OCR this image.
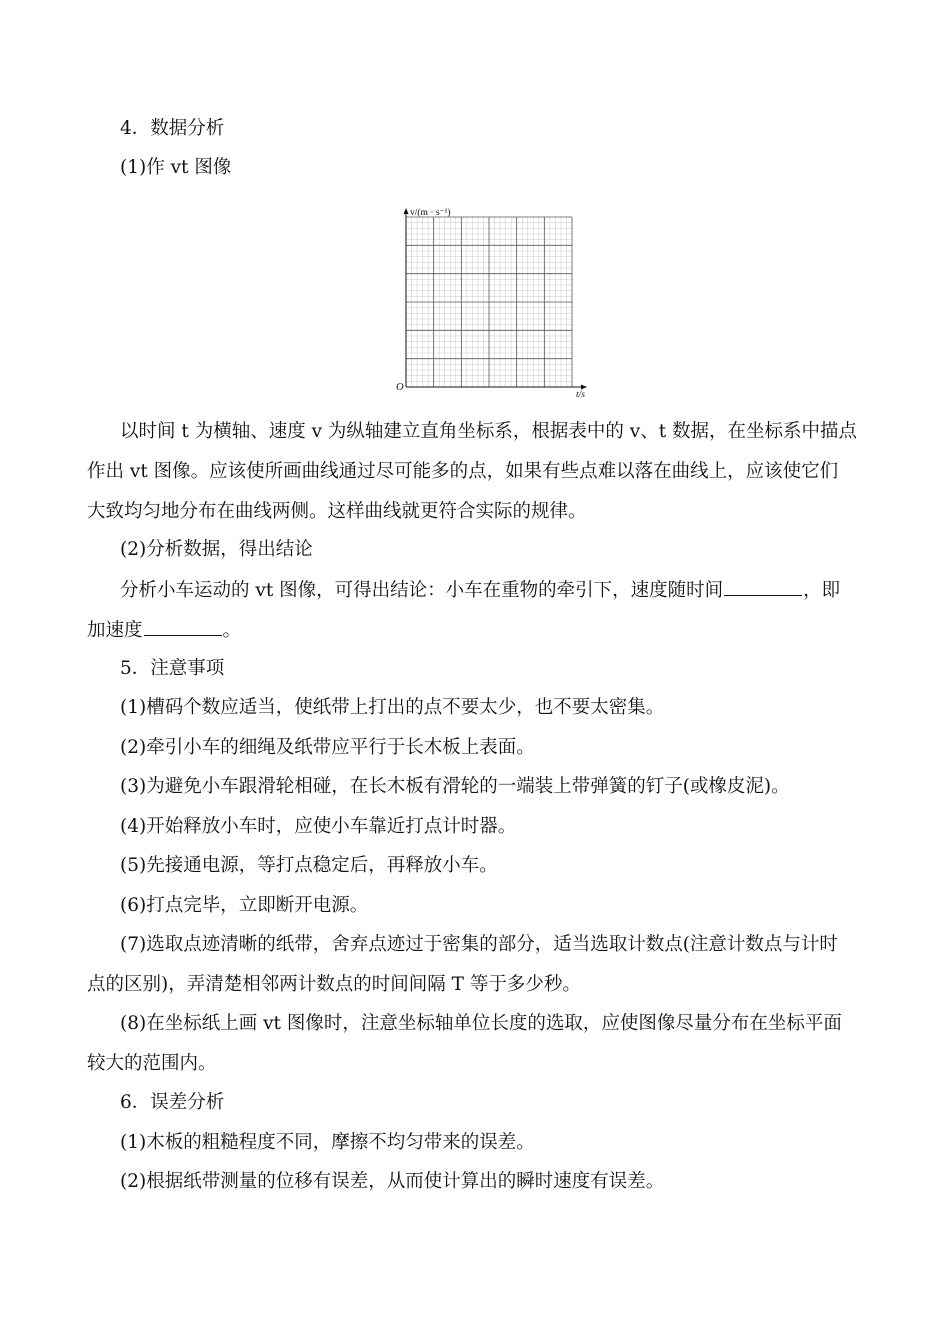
4．数据分析
(1)作 vt 图像
v/(m · s⁻¹)
t/s
O
以时间 t 为横轴、速度 v 为纵轴建立直角坐标系，根据表中的 v、t 数据，在坐标系中描点
作出 vt 图像。应该使所画曲线通过尽可能多的点，如果有些点难以落在曲线上，应该使它们
大致均匀地分布在曲线两侧。这样曲线就更符合实际的规律。
(2)分析数据，得出结论
分析小车运动的 vt 图像，可得出结论：小车在重物的牵引下，速度随时间	，即
加速度	。
5．注意事项
(1)槽码个数应适当，使纸带上打出的点不要太少，也不要太密集。
(2)牵引小车的细绳及纸带应平行于长木板上表面。
(3)为避免小车跟滑轮相碰，在长木板有滑轮的一端装上带弹簧的钉子(或橡皮泥)。
(4)开始释放小车时，应使小车靠近打点计时器。
(5)先接通电源，等打点稳定后，再释放小车。
(6)打点完毕，立即断开电源。
(7)选取点迹清晰的纸带，舍弃点迹过于密集的部分，适当选取计数点(注意计数点与计时
点的区别)，弄清楚相邻两计数点的时间间隔 T 等于多少秒。
(8)在坐标纸上画 vt 图像时，注意坐标轴单位长度的选取，应使图像尽量分布在坐标平面
较大的范围内。
6．误差分析
(1)木板的粗糙程度不同，摩擦不均匀带来的误差。
(2)根据纸带测量的位移有误差，从而使计算出的瞬时速度有误差。
